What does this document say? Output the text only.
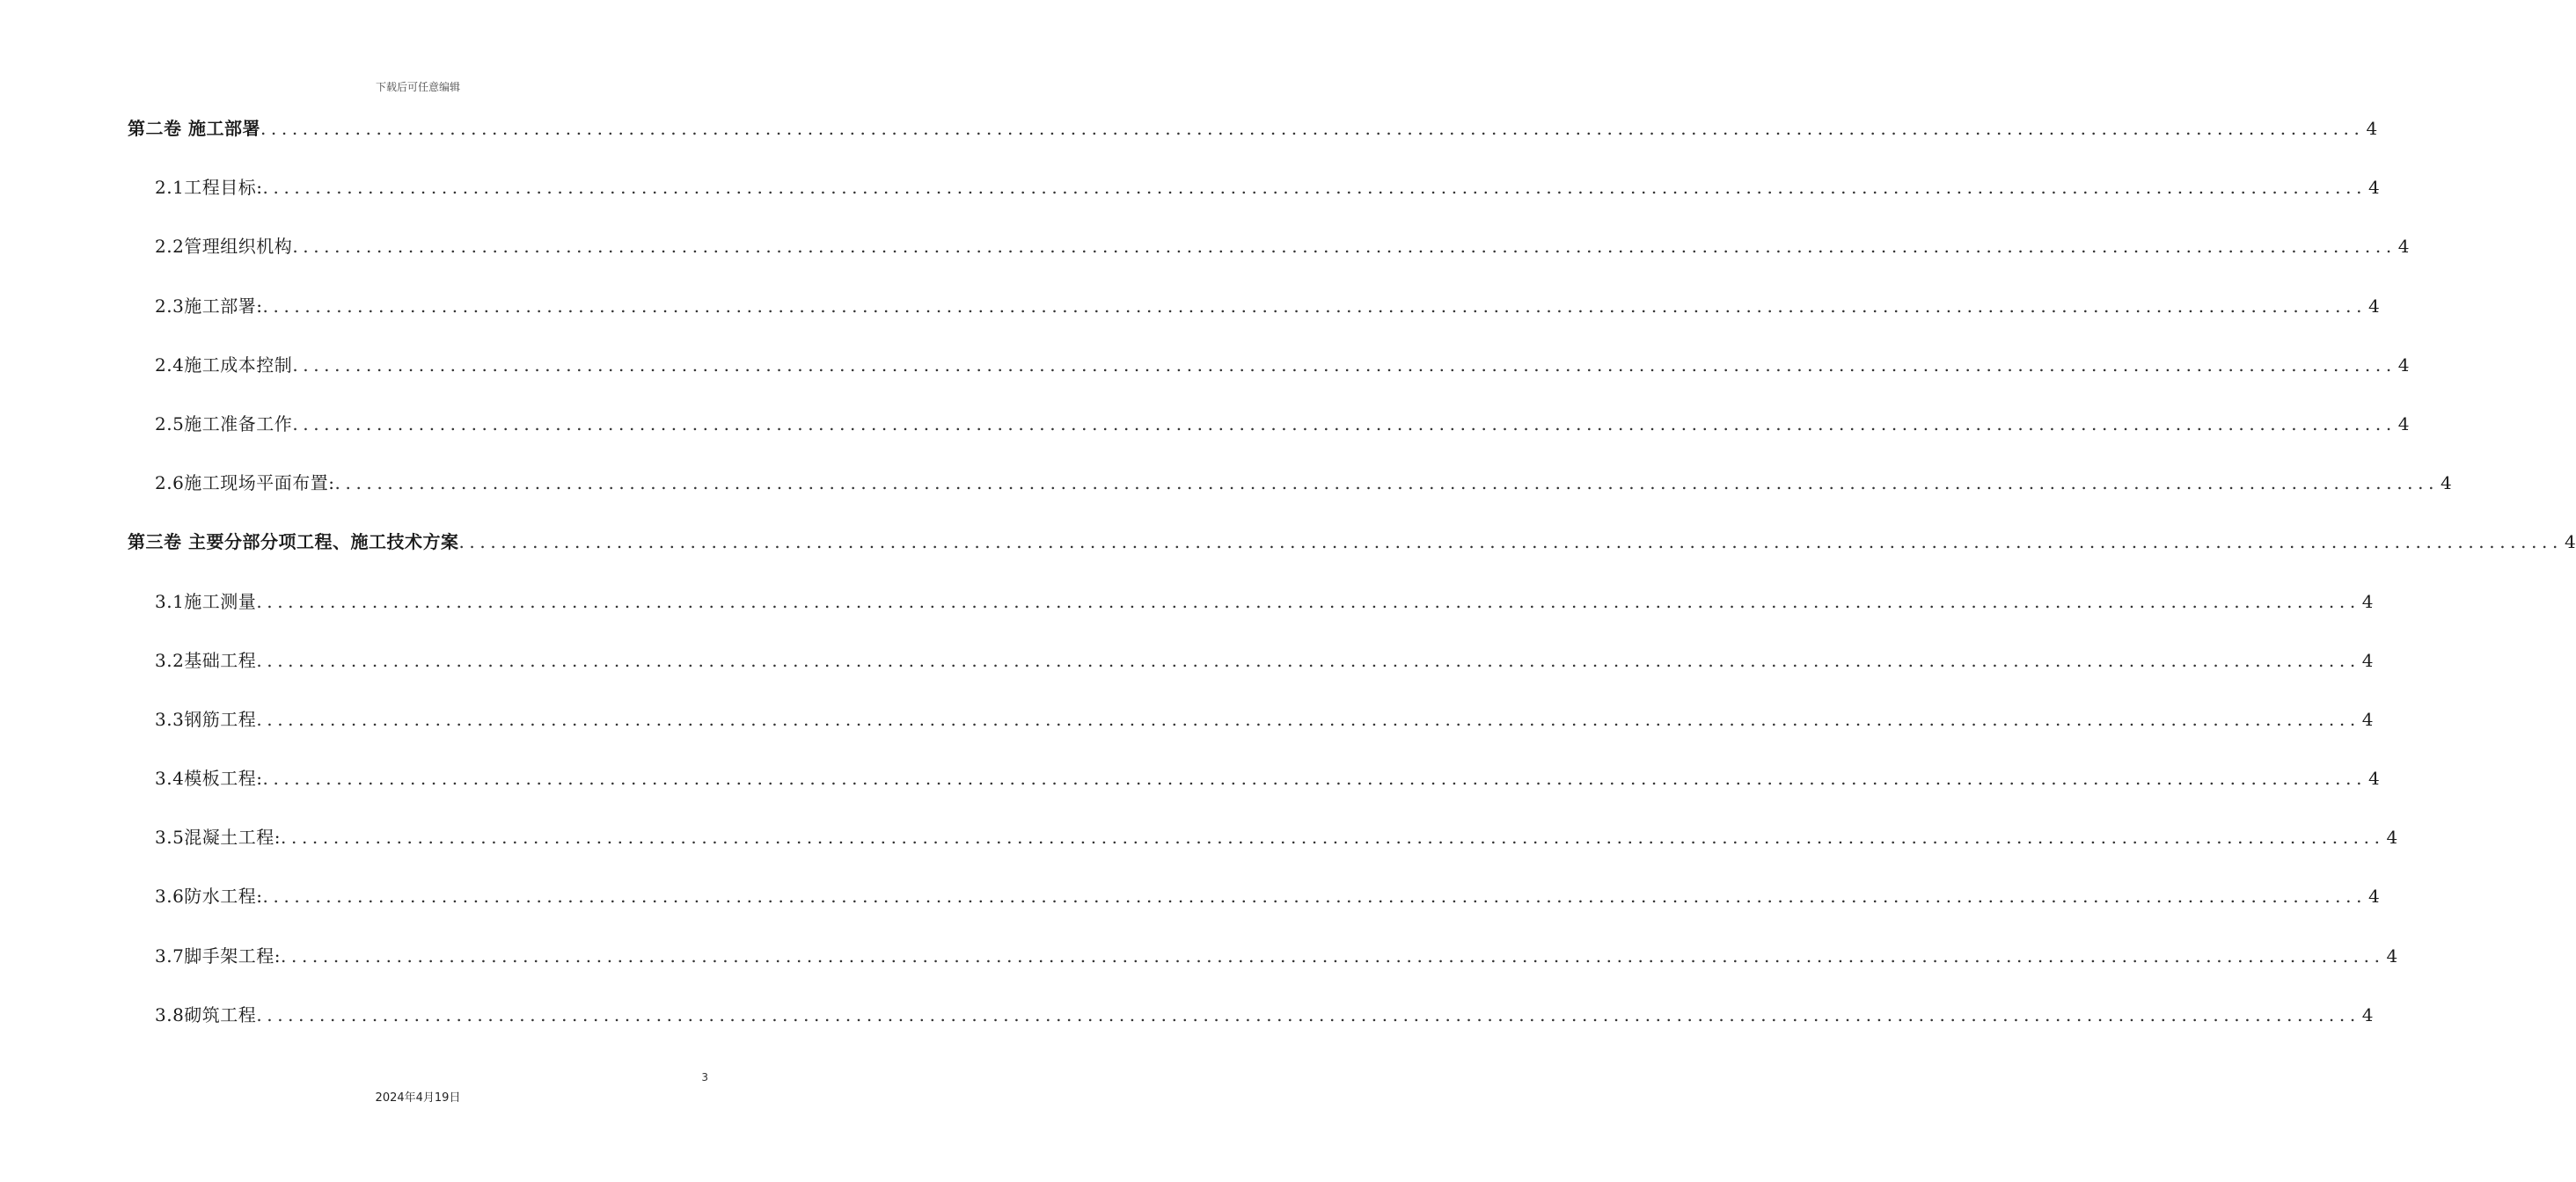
下载后可任意编辑
第二卷 施工部署 ........................................................................................................................................................................................................ 4
2.1工程目标: ........................................................................................................................................................................................................ 4
2.2管理组织机构 ........................................................................................................................................................................................................ 4
2.3施工部署: ........................................................................................................................................................................................................ 4
2.4施工成本控制 ........................................................................................................................................................................................................ 4
2.5施工准备工作 ........................................................................................................................................................................................................ 4
2.6施工现场平面布置: ........................................................................................................................................................................................................ 4
第三卷 主要分部分项工程、施工技术方案 ........................................................................................................................................................................................................ 4
3.1施工测量 ........................................................................................................................................................................................................ 4
3.2基础工程 ........................................................................................................................................................................................................ 4
3.3钢筋工程 ........................................................................................................................................................................................................ 4
3.4模板工程: ........................................................................................................................................................................................................ 4
3.5混凝土工程: ........................................................................................................................................................................................................ 4
3.6防水工程: ........................................................................................................................................................................................................ 4
3.7脚手架工程: ........................................................................................................................................................................................................ 4
3.8砌筑工程 ........................................................................................................................................................................................................ 4
3
2024年4月19日
